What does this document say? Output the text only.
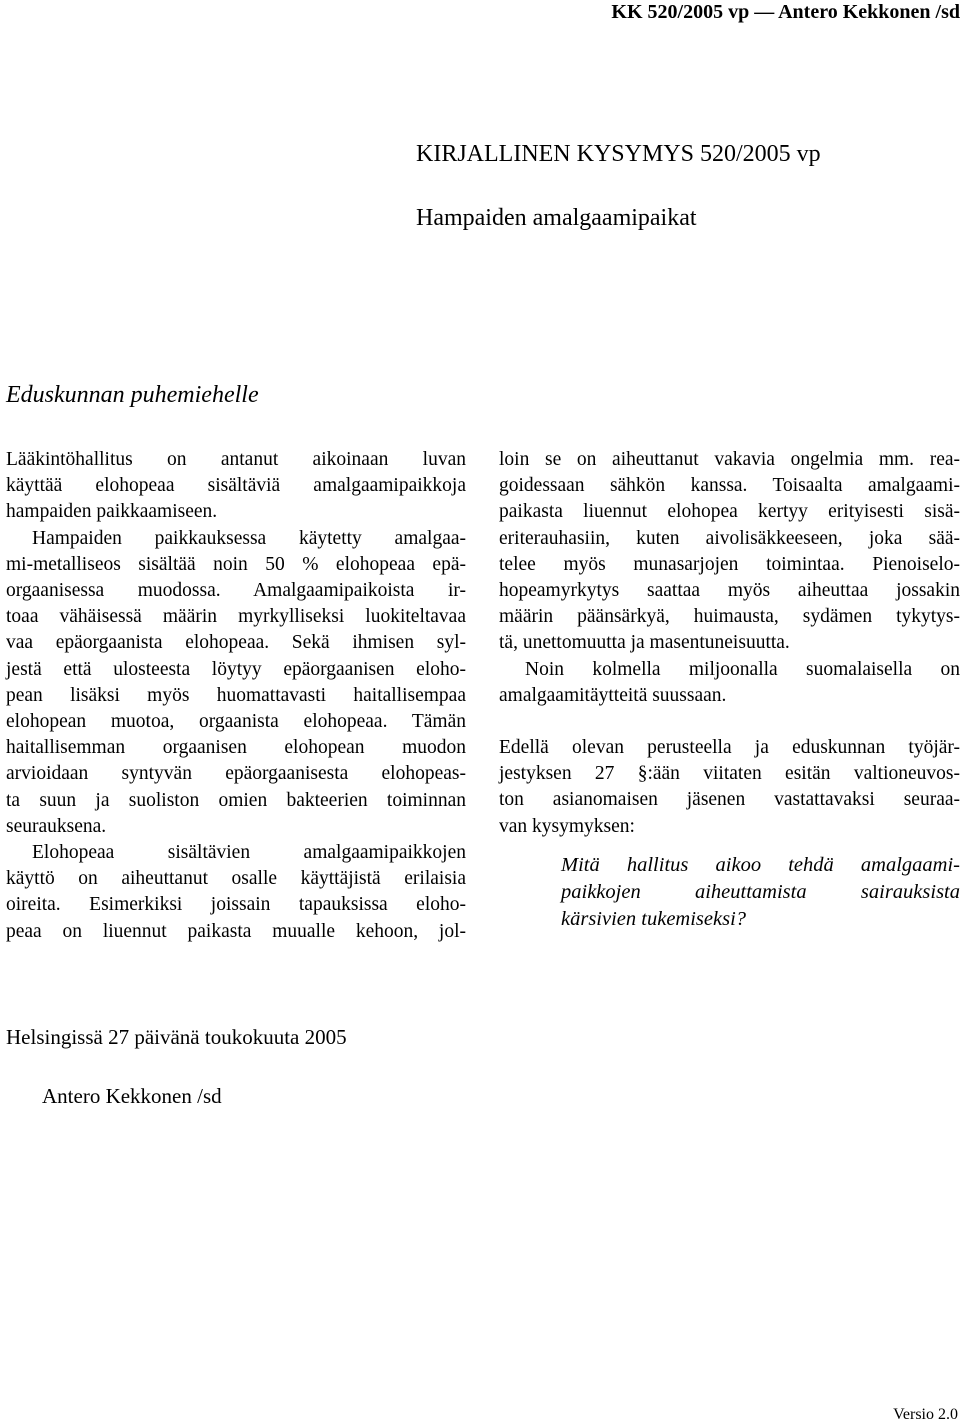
KK 520/2005 vp — Antero Kekkonen /sd
KIRJALLINEN KYSYMYS 520/2005 vp
Hampaiden amalgaamipaikat
Eduskunnan puhemiehelle
Lääkintöhallitus on antanut aikoinaan luvan
käyttää elohopeaa sisältäviä amalgaamipaikkoja
hampaiden paikkaamiseen.
Hampaiden paikkauksessa käytetty amalgaa-
mi-metalliseos sisältää noin 50 % elohopeaa epä-
orgaanisessa muodossa. Amalgaamipaikoista ir-
toaa vähäisessä määrin myrkylliseksi luokiteltavaa
vaa epäorgaanista elohopeaa. Sekä ihmisen syl-
jestä että ulosteesta löytyy epäorgaanisen eloho-
pean lisäksi myös huomattavasti haitallisempaa
elohopean muotoa, orgaanista elohopeaa. Tämän
haitallisemman orgaanisen elohopean muodon
arvioidaan syntyvän epäorgaanisesta elohopeas-
ta suun ja suoliston omien bakteerien toiminnan
seurauksena.
Elohopeaa sisältävien amalgaamipaikkojen
käyttö on aiheuttanut osalle käyttäjistä erilaisia
oireita. Esimerkiksi joissain tapauksissa eloho-
peaa on liuennut paikasta muualle kehoon, jol-
loin se on aiheuttanut vakavia ongelmia mm. rea-
goidessaan sähkön kanssa. Toisaalta amalgaami-
paikasta liuennut elohopea kertyy erityisesti sisä-
eriterauhasiin, kuten aivolisäkkeeseen, joka sää-
telee myös munasarjojen toimintaa. Pienoiselo-
hopeamyrkytys saattaa myös aiheuttaa jossakin
määrin päänsärkyä, huimausta, sydämen tykytys-
tä, unettomuutta ja masentuneisuutta.
Noin kolmella miljoonalla suomalaisella on
amalgaamitäytteitä suussaan.
Edellä olevan perusteella ja eduskunnan työjär-
jestyksen 27 §:ään viitaten esitän valtioneuvos-
ton asianomaisen jäsenen vastattavaksi seuraa-
van kysymyksen:
Mitä hallitus aikoo tehdä amalgaami-
paikkojen aiheuttamista sairauksista
kärsivien tukemiseksi?
Helsingissä 27 päivänä toukokuuta 2005
Antero Kekkonen /sd
Versio 2.0
